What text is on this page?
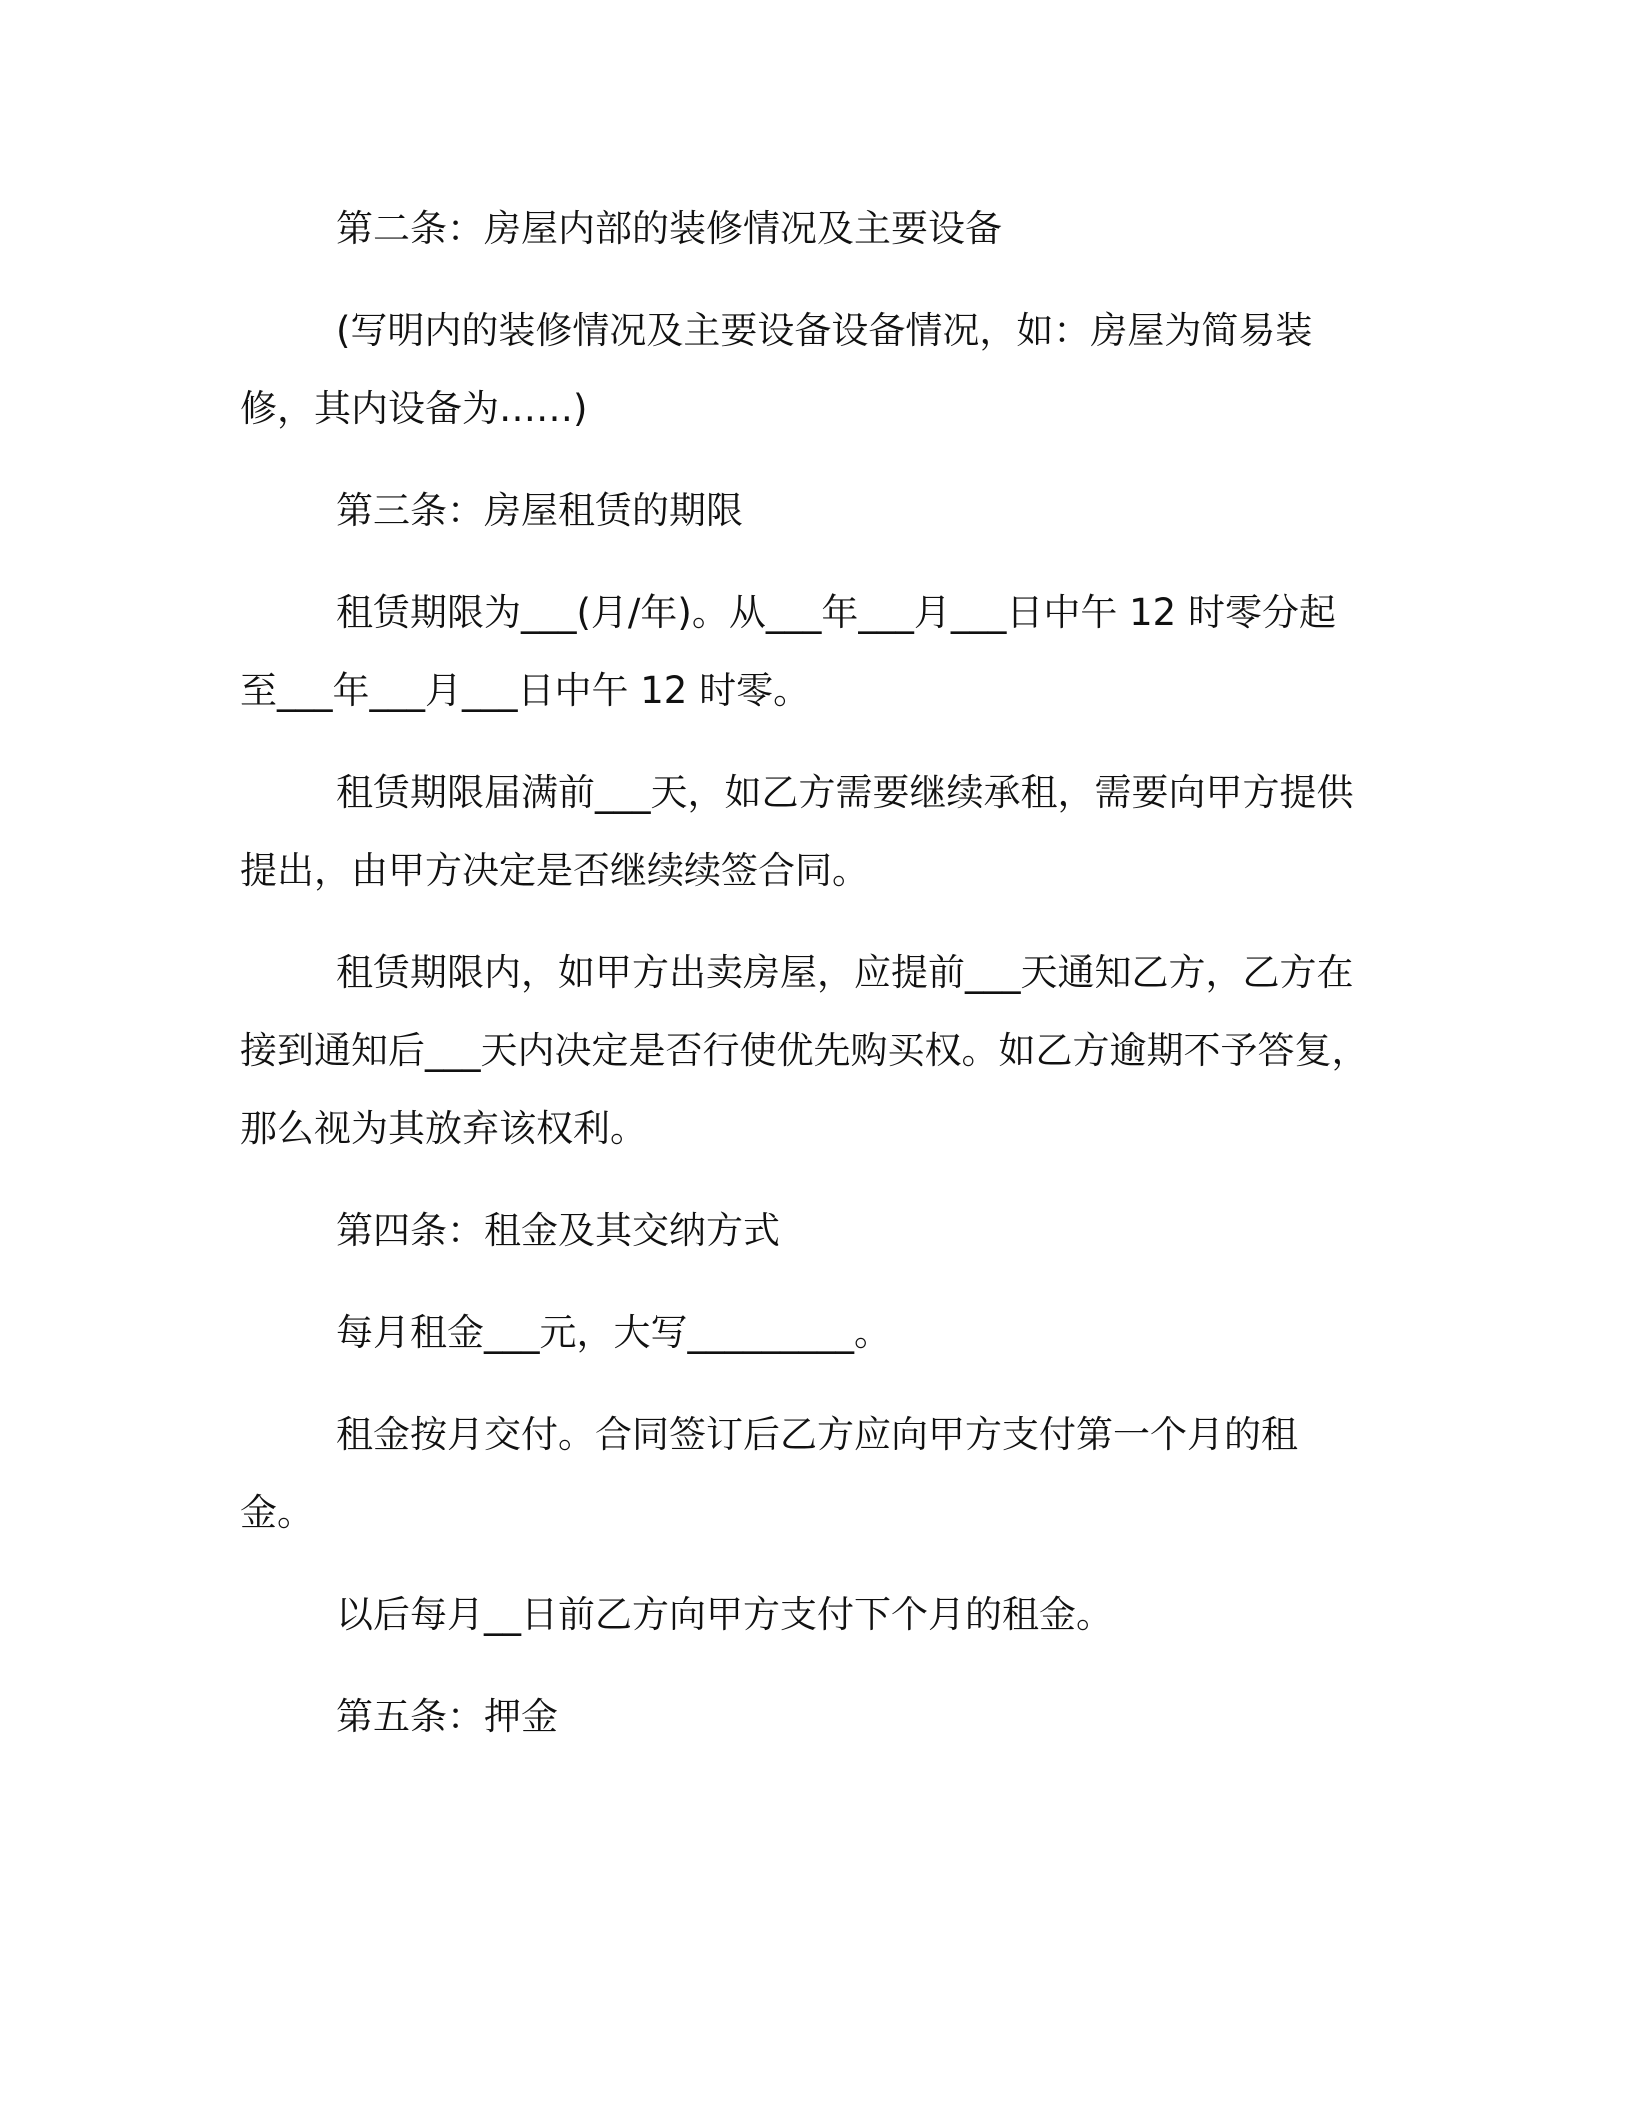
第二条：房屋内部的装修情况及主要设备

(写明内的装修情况及主要设备设备情况，如：房屋为简易装修，其内设备为……)

第三条：房屋租赁的期限

租赁期限为___(月/年)。从___年___月___日中午 12 时零分起至___年___月___日中午 12 时零。

租赁期限届满前___天，如乙方需要继续承租，需要向甲方提供提出，由甲方决定是否继续续签合同。

租赁期限内，如甲方出卖房屋，应提前___天通知乙方，乙方在接到通知后___天内决定是否行使优先购买权。如乙方逾期不予答复，那么视为其放弃该权利。

第四条：租金及其交纳方式

每月租金___元，大写_________。

租金按月交付。合同签订后乙方应向甲方支付第一个月的租金。

以后每月__日前乙方向甲方支付下个月的租金。

第五条：押金
